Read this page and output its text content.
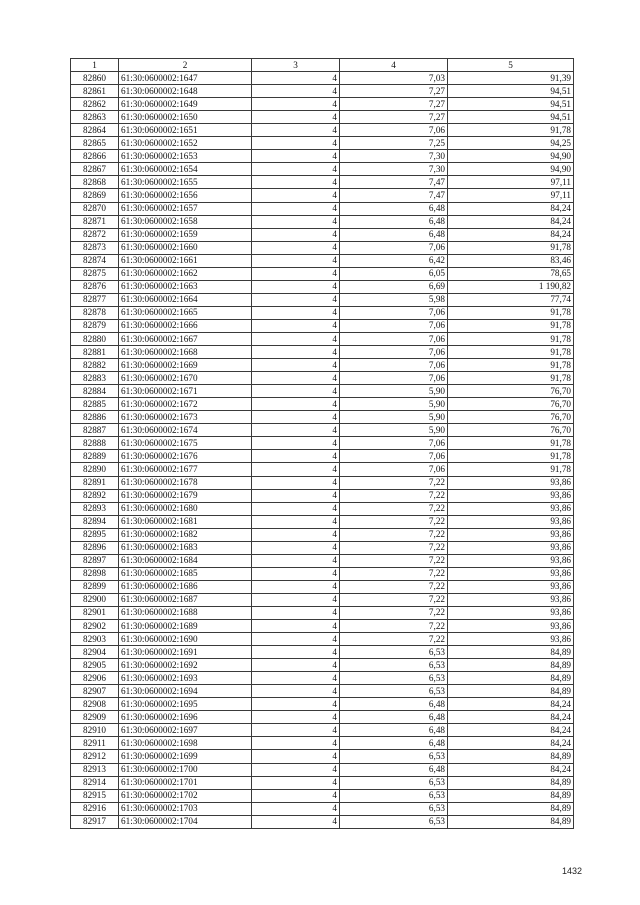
1	2	3	4	5
82860	61:30:0600002:1647	4	7,03	91,39
82861	61:30:0600002:1648	4	7,27	94,51
82862	61:30:0600002:1649	4	7,27	94,51
82863	61:30:0600002:1650	4	7,27	94,51
82864	61:30:0600002:1651	4	7,06	91,78
82865	61:30:0600002:1652	4	7,25	94,25
82866	61:30:0600002:1653	4	7,30	94,90
82867	61:30:0600002:1654	4	7,30	94,90
82868	61:30:0600002:1655	4	7,47	97,11
82869	61:30:0600002:1656	4	7,47	97,11
82870	61:30:0600002:1657	4	6,48	84,24
82871	61:30:0600002:1658	4	6,48	84,24
82872	61:30:0600002:1659	4	6,48	84,24
82873	61:30:0600002:1660	4	7,06	91,78
82874	61:30:0600002:1661	4	6,42	83,46
82875	61:30:0600002:1662	4	6,05	78,65
82876	61:30:0600002:1663	4	6,69	1 190,82
82877	61:30:0600002:1664	4	5,98	77,74
82878	61:30:0600002:1665	4	7,06	91,78
82879	61:30:0600002:1666	4	7,06	91,78
82880	61:30:0600002:1667	4	7,06	91,78
82881	61:30:0600002:1668	4	7,06	91,78
82882	61:30:0600002:1669	4	7,06	91,78
82883	61:30:0600002:1670	4	7,06	91,78
82884	61:30:0600002:1671	4	5,90	76,70
82885	61:30:0600002:1672	4	5,90	76,70
82886	61:30:0600002:1673	4	5,90	76,70
82887	61:30:0600002:1674	4	5,90	76,70
82888	61:30:0600002:1675	4	7,06	91,78
82889	61:30:0600002:1676	4	7,06	91,78
82890	61:30:0600002:1677	4	7,06	91,78
82891	61:30:0600002:1678	4	7,22	93,86
82892	61:30:0600002:1679	4	7,22	93,86
82893	61:30:0600002:1680	4	7,22	93,86
82894	61:30:0600002:1681	4	7,22	93,86
82895	61:30:0600002:1682	4	7,22	93,86
82896	61:30:0600002:1683	4	7,22	93,86
82897	61:30:0600002:1684	4	7,22	93,86
82898	61:30:0600002:1685	4	7,22	93,86
82899	61:30:0600002:1686	4	7,22	93,86
82900	61:30:0600002:1687	4	7,22	93,86
82901	61:30:0600002:1688	4	7,22	93,86
82902	61:30:0600002:1689	4	7,22	93,86
82903	61:30:0600002:1690	4	7,22	93,86
82904	61:30:0600002:1691	4	6,53	84,89
82905	61:30:0600002:1692	4	6,53	84,89
82906	61:30:0600002:1693	4	6,53	84,89
82907	61:30:0600002:1694	4	6,53	84,89
82908	61:30:0600002:1695	4	6,48	84,24
82909	61:30:0600002:1696	4	6,48	84,24
82910	61:30:0600002:1697	4	6,48	84,24
82911	61:30:0600002:1698	4	6,48	84,24
82912	61:30:0600002:1699	4	6,53	84,89
82913	61:30:0600002:1700	4	6,48	84,24
82914	61:30:0600002:1701	4	6,53	84,89
82915	61:30:0600002:1702	4	6,53	84,89
82916	61:30:0600002:1703	4	6,53	84,89
82917	61:30:0600002:1704	4	6,53	84,89
1432
